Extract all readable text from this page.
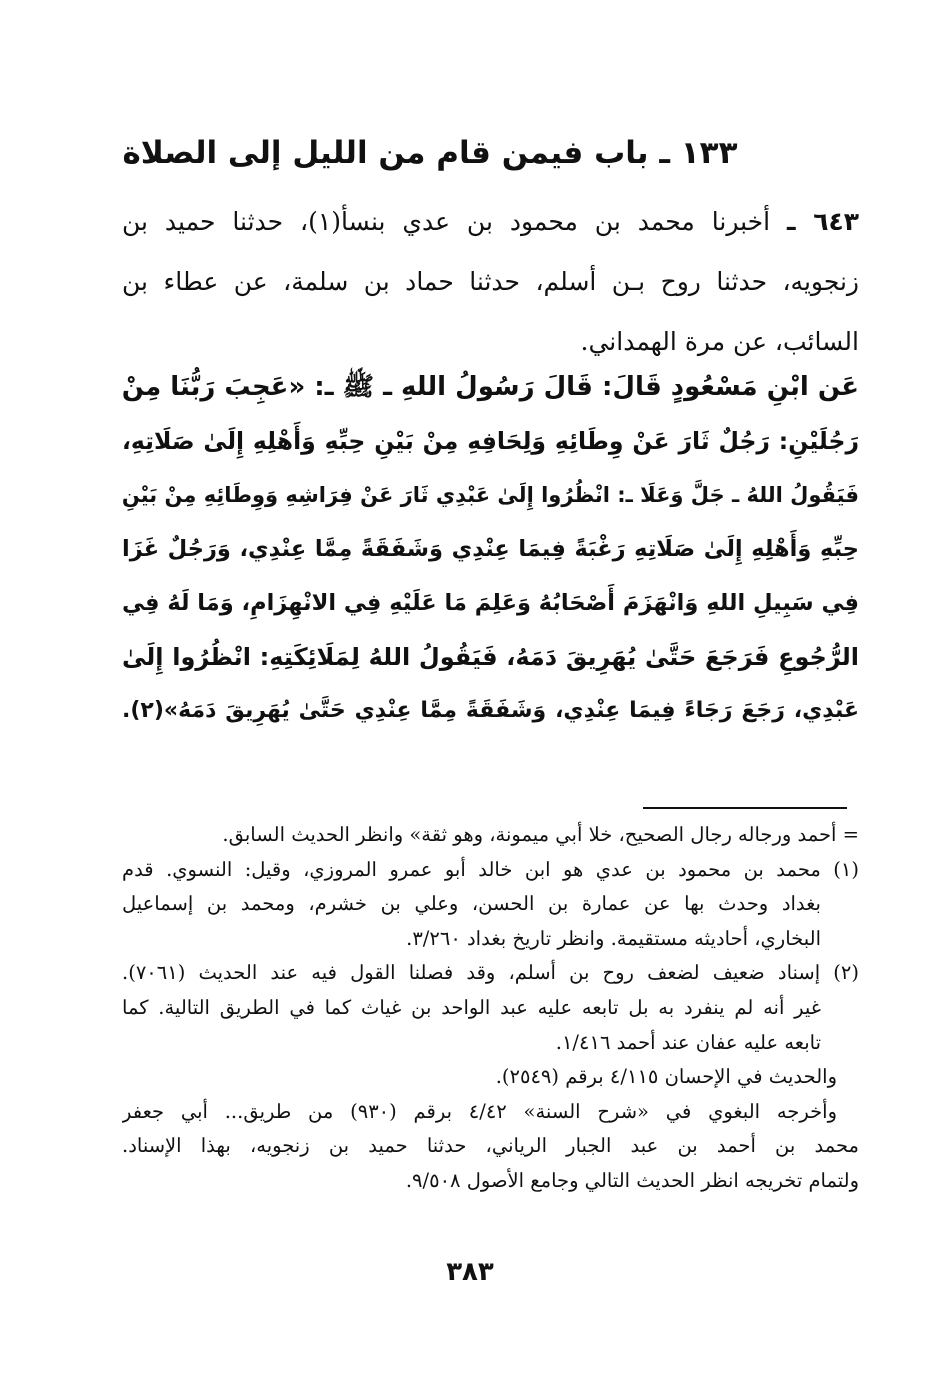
١٣٣ ـ باب فيمن قام من الليل إلى الصلاة
٦٤٣ ـ أخبرنا محمد بن محمود بن عدي بنسأ(١)، حدثنا حميد بن
زنجويه، حدثنا روح بـن أسلم، حدثنا حماد بن سلمة، عن عطاء بن
السائب، عن مرة الهمداني.
عَن ابْنِ مَسْعُودٍ قَالَ: قَالَ رَسُولُ اللهِ ـ ﷺ ـ: «عَجِبَ رَبُّنَا مِنْ
رَجُلَيْنِ: رَجُلٌ ثَارَ عَنْ وِطَائِهِ وَلِحَافِهِ مِنْ بَيْنِ حِبِّهِ وَأَهْلِهِ إِلَىٰ صَلَاتِهِ،
فَيَقُولُ اللهُ ـ جَلَّ وَعَلَا ـ: انْظُرُوا إِلَىٰ عَبْدِي ثَارَ عَنْ فِرَاشِهِ وَوِطَائِهِ مِنْ بَيْنِ
حِبِّهِ وَأَهْلِهِ إِلَىٰ صَلَاتِهِ رَغْبَةً فِيمَا عِنْدِي وَشَفَقَةً مِمَّا عِنْدِي، وَرَجُلٌ غَزَا
فِي سَبِيلِ اللهِ وَانْهَزَمَ أَصْحَابُهُ وَعَلِمَ مَا عَلَيْهِ فِي الانْهِزَامِ، وَمَا لَهُ فِي
الرُّجُوعِ فَرَجَعَ حَتَّىٰ يُهَرِيقَ دَمَهُ، فَيَقُولُ اللهُ لِمَلَائِكَتِهِ: انْظُرُوا إِلَىٰ
عَبْدِي، رَجَعَ رَجَاءً فِيمَا عِنْدِي، وَشَفَقَةً مِمَّا عِنْدِي حَتَّىٰ يُهَرِيقَ دَمَهُ»(٢).
= أحمد ورجاله رجال الصحيح، خلا أبي ميمونة، وهو ثقة» وانظر الحديث السابق.
(١) محمد بن محمود بن عدي هو ابن خالد أبو عمرو المروزي، وقيل: النسوي. قدم
بغداد وحدث بها عن عمارة بن الحسن، وعلي بن خشرم، ومحمد بن إسماعيل
البخاري، أحاديثه مستقيمة. وانظر تاريخ بغداد ٣/٢٦٠.
(٢) إسناد ضعيف لضعف روح بن أسلم، وقد فصلنا القول فيه عند الحديث (٧٠٦١).
غير أنه لم ينفرد به بل تابعه عليه عبد الواحد بن غياث كما في الطريق التالية. كما
تابعه عليه عفان عند أحمد ١/٤١٦.
والحديث في الإحسان ٤/١١٥ برقم (٢٥٤٩).
وأخرجه البغوي في «شرح السنة» ٤/٤٢ برقم (٩٣٠) من طريق... أبي جعفر
محمد بن أحمد بن عبد الجبار الرياني، حدثنا حميد بن زنجويه، بهذا الإسناد.
ولتمام تخريجه انظر الحديث التالي وجامع الأصول ٩/٥٠٨.
٣٨٣
